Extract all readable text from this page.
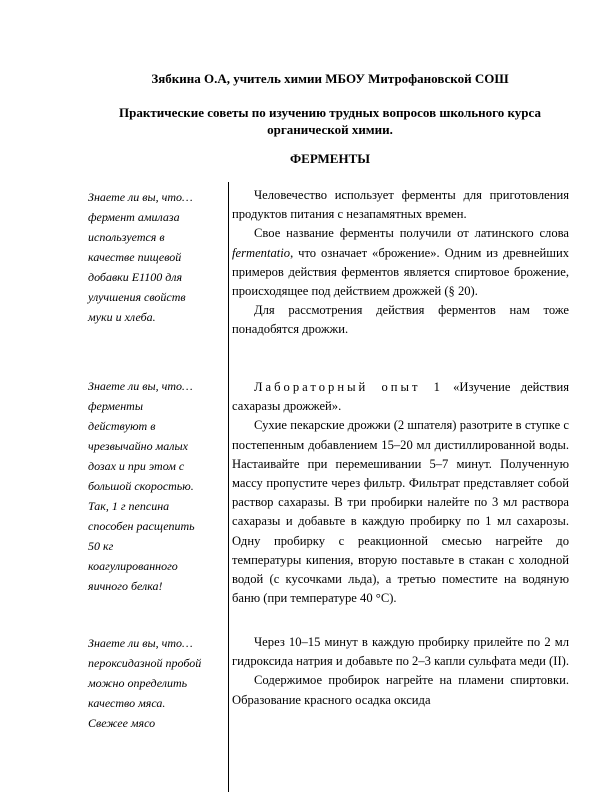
Зябкина О.А, учитель химии МБОУ Митрофановской СОШ
Практические советы по изучению трудных вопросов школьного курса
органической химии.
ФЕРМЕНТЫ
Знаете ли вы, что…
фермент амилаза
используется в
качестве пищевой
добавки Е1100 для
улучшения свойств
муки и хлеба.
Знаете ли вы, что…
ферменты
действуют в
чрезвычайно малых
дозах и при этом с
большой скоростью.
Так, 1 г пепсина
способен расщепить
50 кг
коагулированного
яичного белка!
Знаете ли вы, что…
пероксидазной пробой
можно определить
качество мяса.
Свежее мясо

Человечество использует ферменты для приготовления продуктов питания с незапамятных времен.

Свое название ферменты получили от латинского слова fermentatio, что означает «брожение». Одним из древнейших примеров действия ферментов является спиртовое брожение, происходящее под действием дрожжей (§ 20).

Для рассмотрения действия ферментов нам тоже понадобятся дрожжи.

Лабораторный опыт 1 «Изучение действия сахаразы дрожжей».

Сухие пекарские дрожжи (2 шпателя) разотрите в ступке с постепенным добавлением 15–20 мл дистиллированной воды. Настаивайте при перемешивании 5–7 минут. Полученную массу пропустите через фильтр. Фильтрат представляет собой раствор сахаразы. В три пробирки налейте по 3 мл раствора сахаразы и добавьте в каждую пробирку по 1 мл сахарозы. Одну пробирку с реакционной смесью нагрейте до температуры кипения, вторую поставьте в стакан с холодной водой (с кусочками льда), а третью поместите на водяную баню (при температуре 40 °С).

Через 10–15 минут в каждую пробирку прилейте по 2 мл гидроксида натрия и добавьте по 2–3 капли сульфата меди (II).

Содержимое пробирок нагрейте на пламени спиртовки. Образование красного осадка оксида
